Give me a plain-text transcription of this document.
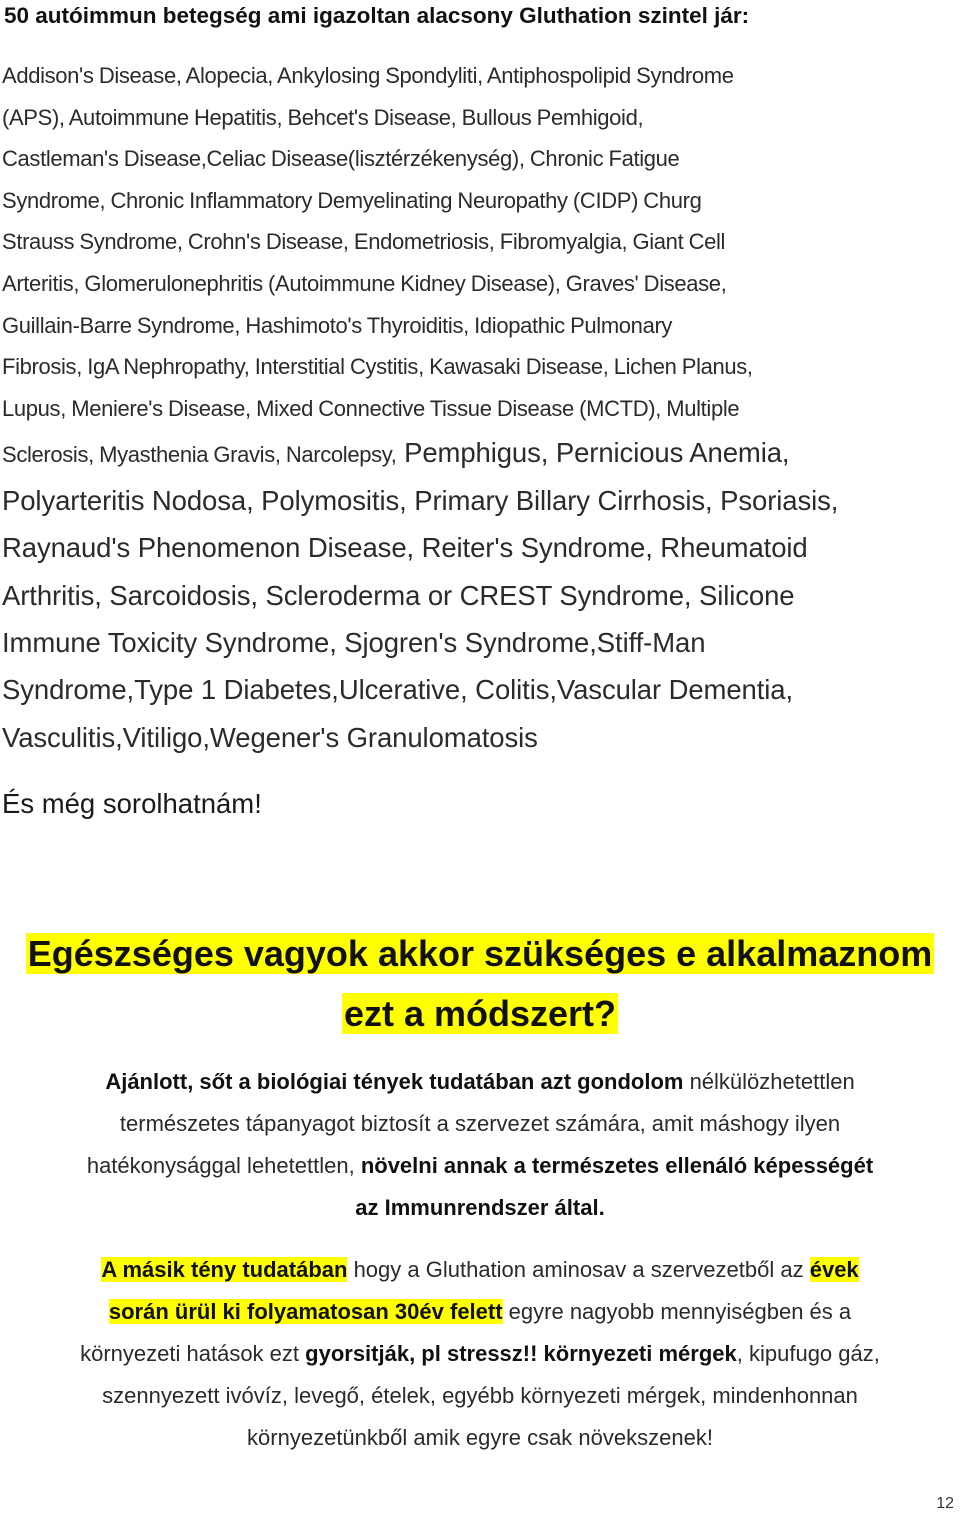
50 autóimmun betegség ami igazoltan alacsony Gluthation szintel jár:

Addison's Disease, Alopecia, Ankylosing Spondyliti, Antiphospolipid Syndrome
(APS), Autoimmune Hepatitis, Behcet's Disease, Bullous Pemhigoid,
Castleman's Disease,Celiac Disease(lisztérzékenység), Chronic Fatigue
Syndrome, Chronic Inflammatory Demyelinating Neuropathy (CIDP) Churg
Strauss Syndrome, Crohn's Disease, Endometriosis, Fibromyalgia, Giant Cell
Arteritis, Glomerulonephritis (Autoimmune Kidney Disease), Graves' Disease,
Guillain-Barre Syndrome, Hashimoto's Thyroiditis, Idiopathic Pulmonary
Fibrosis, IgA Nephropathy, Interstitial Cystitis, Kawasaki Disease, Lichen Planus,
Lupus, Meniere's Disease, Mixed Connective Tissue Disease (MCTD), Multiple
Sclerosis, Myasthenia Gravis, Narcolepsy, Pemphigus, Pernicious Anemia,
Polyarteritis Nodosa, Polymositis, Primary Billary Cirrhosis, Psoriasis,
Raynaud's Phenomenon Disease, Reiter's Syndrome, Rheumatoid
Arthritis, Sarcoidosis, Scleroderma or CREST Syndrome, Silicone
Immune Toxicity Syndrome, Sjogren's Syndrome,Stiff-Man
Syndrome,Type 1 Diabetes,Ulcerative, Colitis,Vascular Dementia,
Vasculitis,Vitiligo,Wegener's Granulomatosis

És még sorolhatnám!

Egészséges vagyok akkor szükséges e alkalmaznom
ezt a módszert?

Ajánlott, sőt a biológiai tények tudatában azt gondolom nélkülözhetettlen
természetes tápanyagot biztosít a szervezet számára, amit máshogy ilyen
hatékonysággal lehetettlen, növelni annak a természetes ellenáló képességét
az Immunrendszer által.

A másik tény tudatában hogy a Gluthation aminosav a szervezetből az évek
során ürül ki folyamatosan 30év felett egyre nagyobb mennyiségben és a
környezeti hatások ezt gyorsitják, pl stressz!! környezeti mérgek, kipufugo gáz,
szennyezett ivóvíz, levegő, ételek, egyébb környezeti mérgek, mindenhonnan
környezetünkből amik egyre csak növekszenek!

12
